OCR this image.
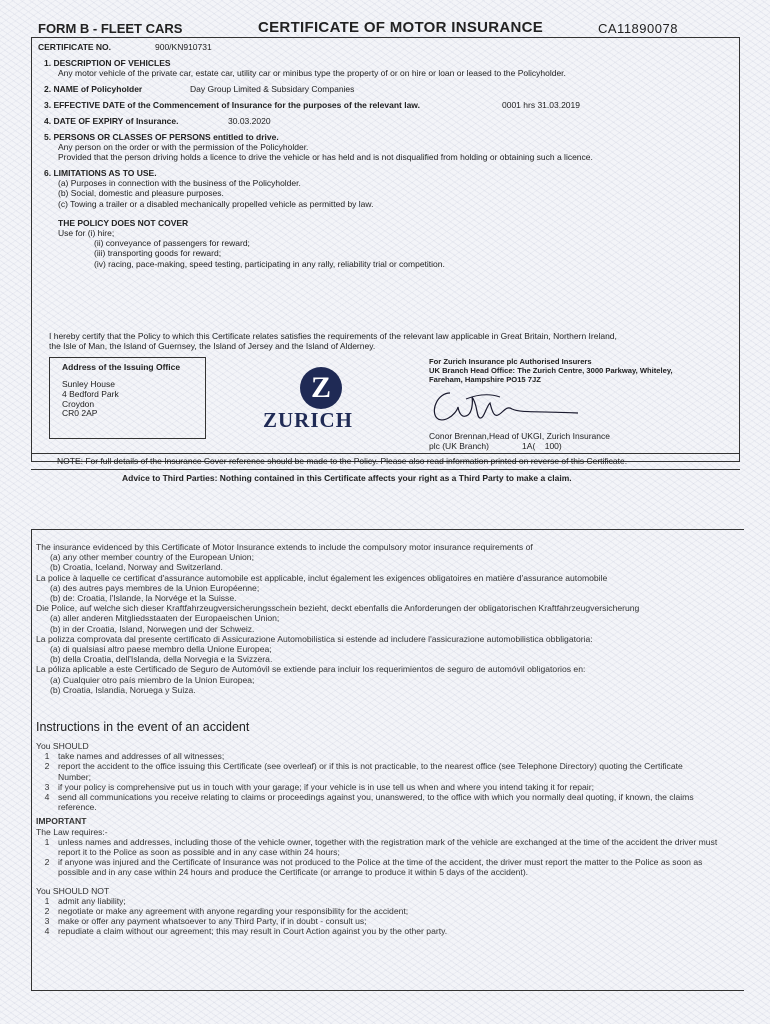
FORM B - FLEET CARS	CERTIFICATE OF MOTOR INSURANCE	CA11890078
CERTIFICATE NO.	900/KN910731
1. DESCRIPTION OF VEHICLES
Any motor vehicle of the private car, estate car, utility car or minibus type the property of or on hire or loan or leased to the Policyholder.
2. NAME of Policyholder	Day Group Limited & Subsidary Companies
3. EFFECTIVE DATE of the Commencement of Insurance for the purposes of the relevant law.	0001 hrs 31.03.2019
4. DATE OF EXPIRY of Insurance.	30.03.2020
5. PERSONS OR CLASSES OF PERSONS entitled to drive.
Any person on the order or with the permission of the Policyholder.
Provided that the person driving holds a licence to drive the vehicle or has held and is not disqualified from holding or obtaining such a licence.
6. LIMITATIONS AS TO USE.
(a) Purposes in connection with the business of the Policyholder.
(b) Social, domestic and pleasure purposes.
(c) Towing a trailer or a disabled mechanically propelled vehicle as permitted by law.
THE POLICY DOES NOT COVER
Use for (i) hire;
(ii) conveyance of passengers for reward;
(iii) transporting goods for reward;
(iv) racing, pace-making, speed testing, participating in any rally, reliability trial or competition.
I hereby certify that the Policy to which this Certificate relates satisfies the requirements of the relevant law applicable in Great Britain, Northern Ireland,
the Isle of Man, the Island of Guernsey, the Island of Jersey and the Island of Alderney.
Address of the Issuing Office
Sunley House
4 Bedford Park
Croydon
CR0 2AP
Z
ZURICH
For Zurich Insurance plc Authorised Insurers
UK Branch Head Office: The Zurich Centre, 3000 Parkway, Whiteley,
Fareham, Hampshire PO15 7JZ
Conor Brennan,Head of UKGI, Zurich Insurance
plc (UK Branch)              1A(    100)
NOTE: For full details of the Insurance Cover reference should be made to the Policy. Please also read information printed on reverse of this Certificate.
Advice to Third Parties: Nothing contained in this Certificate affects your right as a Third Party to make a claim.
The insurance evidenced by this Certificate of Motor Insurance extends to include the compulsory motor insurance requirements of
(a) any other member country of the European Union;
(b) Croatia, Iceland, Norway and Switzerland.
La police à laquelle ce certificat d'assurance automobile est applicable, inclut également les exigences obligatoires en matière d'assurance automobile
(a) des autres pays membres de la Union Européenne;
(b) de: Croatia, l'Islande, la Norvége et la Suisse.
Die Police, auf welche sich dieser Kraftfahrzeugversicherungsschein bezieht, deckt ebenfalls die Anforderungen der obligatorischen Kraftfahrzeugversicherung
(a) aller anderen Mitgliedsstaaten der Europaeischen Union;
(b) in der Croatia, Island, Norwegen und der Schweiz.
La polizza comprovata dal presente certificato di Assicurazione Automobilistica si estende ad includere l'assicurazione automobilistica obbligatoria:
(a) di qualsiasi altro paese membro della Unione Europea;
(b) della Croatia, dell'Islanda, della Norvegia e la Svizzera.
La póliza aplicable a este Certificado de Seguro de Automóvil se extiende para incluir los requerimientos de seguro de automóvil obligatorios en:
(a) Cualquier otro país miembro de la Union Europea;
(b) Croatia, Islandia, Noruega y Suiza.
Instructions in the event of an accident
You SHOULD
1 take names and addresses of all witnesses;
2 report the accident to the office issuing this Certificate (see overleaf) or if this is not practicable, to the nearest office (see Telephone Directory) quoting the Certificate Number;
3 if your policy is comprehensive put us in touch with your garage; if your vehicle is in use tell us when and where you intend taking it for repair;
4 send all communications you receive relating to claims or proceedings against you, unanswered, to the office with which you normally deal quoting, if known, the claims reference.
IMPORTANT
The Law requires:-
1 unless names and addresses, including those of the vehicle owner, together with the registration mark of the vehicle are exchanged at the time of the accident the driver must report it to the Police as soon as possible and in any case within 24 hours;
2 if anyone was injured and the Certificate of Insurance was not produced to the Police at the time of the accident, the driver must report the matter to the Police as soon as possible and in any case within 24 hours and produce the Certificate (or arrange to produce it within 5 days of the accident).
You SHOULD NOT
1 admit any liability;
2 negotiate or make any agreement with anyone regarding your responsibility for the accident;
3 make or offer any payment whatsoever to any Third Party, if in doubt - consult us;
4 repudiate a claim without our agreement; this may result in Court Action against you by the other party.
